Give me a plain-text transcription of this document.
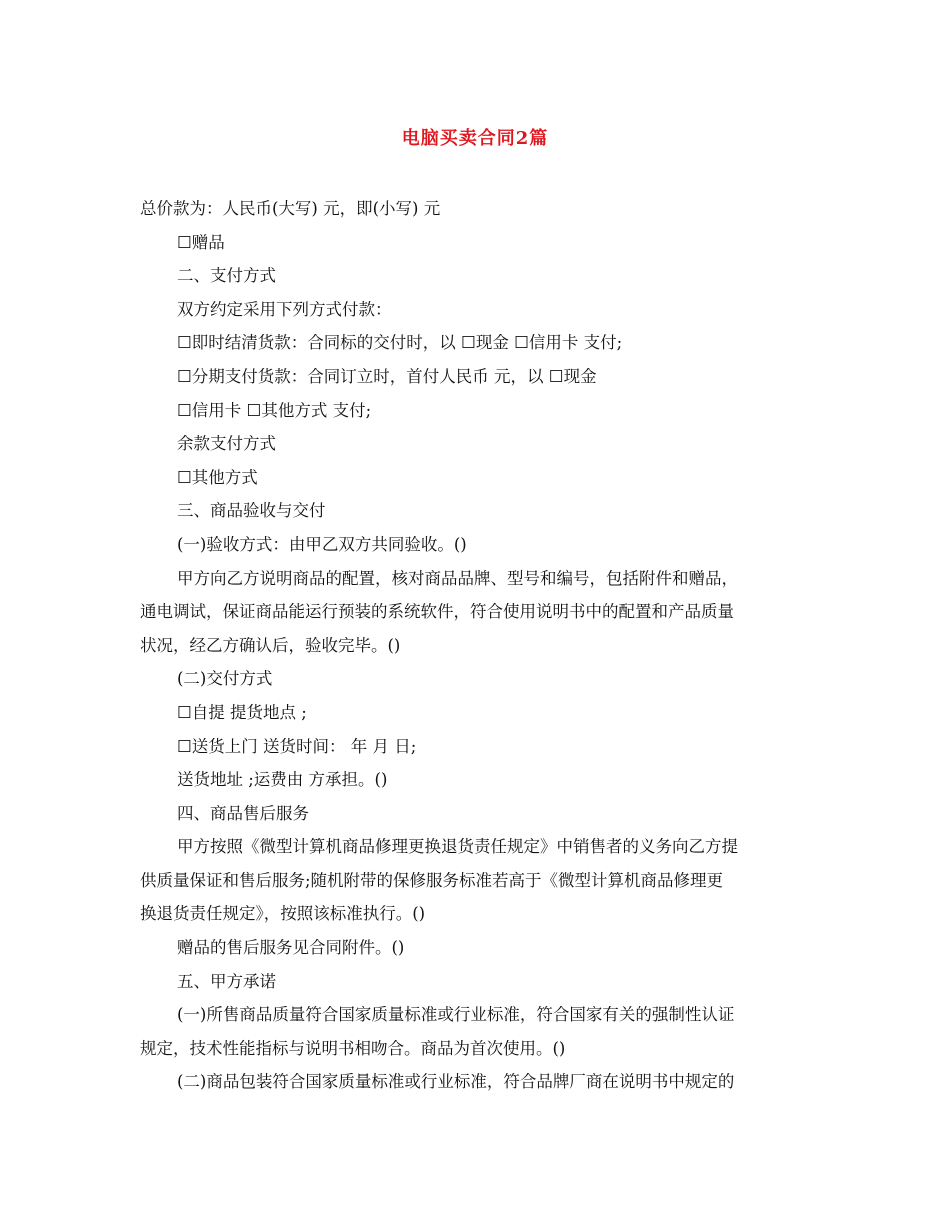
电脑买卖合同2篇
总价款为：人民币(大写) 元，即(小写) 元
☐赠品
二、支付方式
双方约定采用下列方式付款：
☐即时结清货款：合同标的交付时，以 ☐现金 ☐信用卡 支付;
☐分期支付货款：合同订立时，首付人民币 元，以 ☐现金
☐信用卡 ☐其他方式 支付;
余款支付方式
☐其他方式
三、商品验收与交付
(一)验收方式：由甲乙双方共同验收。()
甲方向乙方说明商品的配置，核对商品品牌、型号和编号，包括附件和赠品，
通电调试，保证商品能运行预装的系统软件，符合使用说明书中的配置和产品质量
状况，经乙方确认后，验收完毕。()
(二)交付方式
☐自提 提货地点 ;
☐送货上门 送货时间： 年 月 日;
送货地址 ;运费由 方承担。()
四、商品售后服务
甲方按照《微型计算机商品修理更换退货责任规定》中销售者的义务向乙方提
供质量保证和售后服务;随机附带的保修服务标准若高于《微型计算机商品修理更
换退货责任规定》，按照该标准执行。()
赠品的售后服务见合同附件。()
五、甲方承诺
(一)所售商品质量符合国家质量标准或行业标准，符合国家有关的强制性认证
规定，技术性能指标与说明书相吻合。商品为首次使用。()
(二)商品包装符合国家质量标准或行业标准，符合品牌厂商在说明书中规定的
